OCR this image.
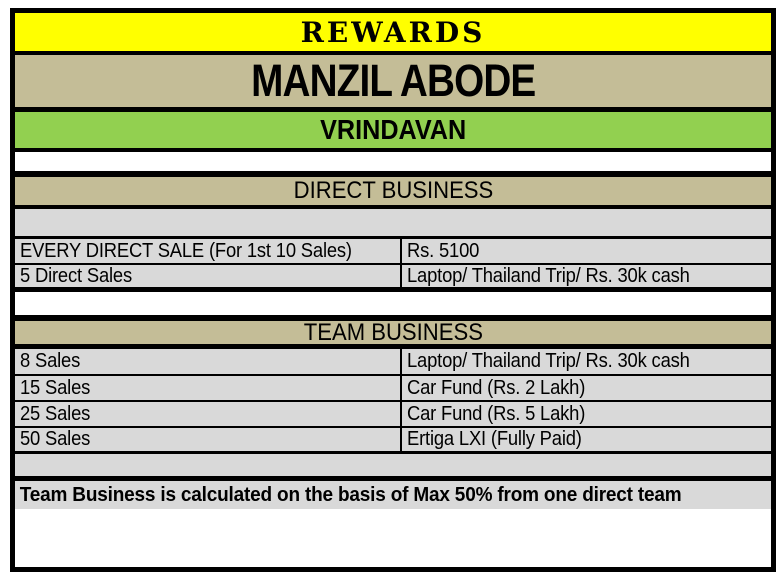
REWARDS
MANZIL ABODE
VRINDAVAN
DIRECT BUSINESS
EVERY DIRECT SALE (For 1st 10 Sales)	Rs. 5100
5 Direct Sales	Laptop/ Thailand Trip/ Rs. 30k cash
TEAM BUSINESS
8 Sales	Laptop/ Thailand Trip/ Rs. 30k cash
15 Sales	Car Fund (Rs. 2 Lakh)
25 Sales	Car Fund (Rs. 5 Lakh)
50 Sales	Ertiga LXI (Fully Paid)
Team Business is calculated on the basis of Max 50% from one direct team
